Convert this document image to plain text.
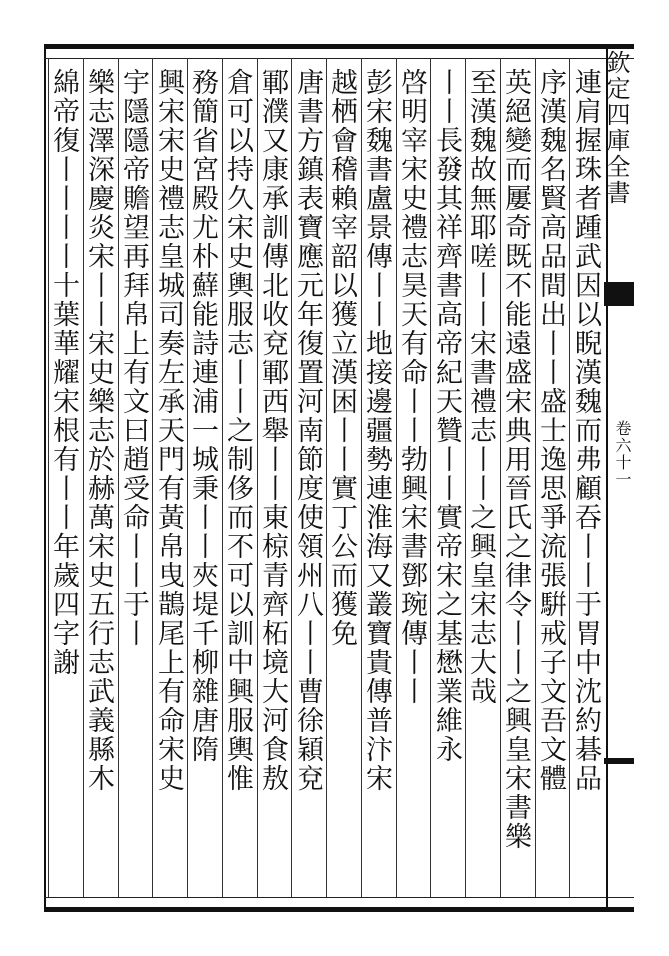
欽定四庫全書
卷六十一
連肩握珠者踵武因以睨漢魏而弗顧吞丨丨于胃中沈約碁品
序漢魏名賢高品間出丨丨盛士逸思爭流張騈戒子文吾文體
英絕變而屢奇既不能遠盛宋典用晉氏之律令丨丨之興皇宋書樂
至漢魏故無耶嗟丨丨宋書禮志丨丨之興皇宋志大哉
丨丨長發其祥齊書高帝紀天贊丨丨實帝宋之基懋業維永
啓明宰宋史禮志昊天有命丨丨勃興宋書鄧琬傳丨丨
彭宋魏書盧景傳丨丨地接邊疆勢連淮海又叢寶貴傳普汴宋
越栖會稽賴宰韶以獲立漢困丨丨實丁公而獲免
唐書方鎮表寶應元年復置河南節度使領州八丨丨曹徐穎兗
鄆濮又康承訓傳北收兗鄆西舉丨丨東椋青齊柘境大河食敖
倉可以持久宋史輿服志丨丨之制侈而不可以訓中興服輿惟
務簡省宮殿尤朴蘚能詩連浦一城秉丨丨夾堤千柳雜唐隋
興宋宋史禮志皇城司奏左承天門有黃帛曳鵲尾上有命宋史
宇隱隱帝贍望再拜帛上有文曰趙受命丨丨于丨
樂志澤深慶炎宋丨丨宋史樂志於赫萬宋史五行志武義縣木
綿帝復丨丨丨丨十葉華耀宋根有丨丨年歲四字謝
